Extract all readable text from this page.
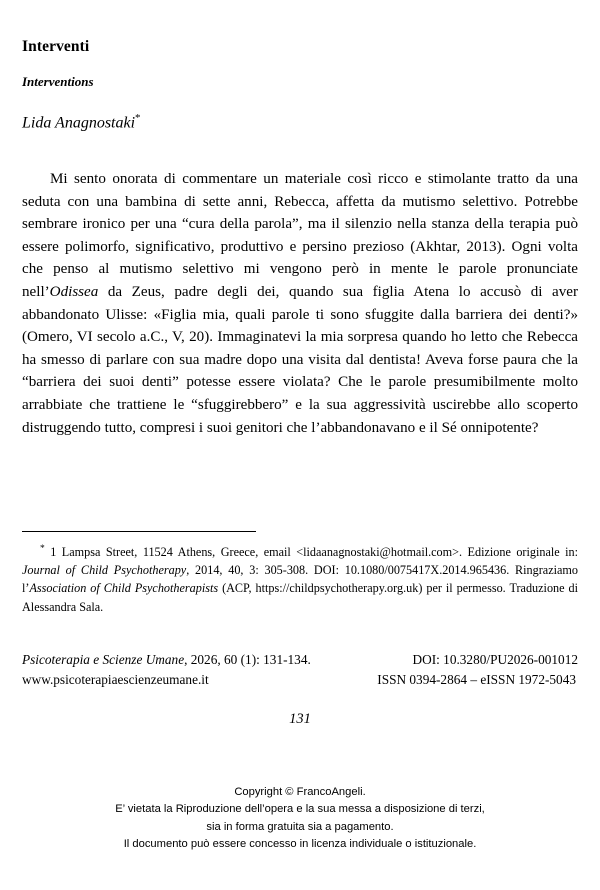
Interventi
Interventions
Lida Anagnostaki*
Mi sento onorata di commentare un materiale così ricco e stimolante tratto da una seduta con una bambina di sette anni, Rebecca, affetta da mutismo selettivo. Potrebbe sembrare ironico per una “cura della parola”, ma il silenzio nella stanza della terapia può essere polimorfo, significativo, produttivo e persino prezioso (Akhtar, 2013). Ogni volta che penso al mutismo selettivo mi vengono però in mente le parole pronunciate nell’Odissea da Zeus, padre degli dei, quando sua figlia Atena lo accusò di aver abbandonato Ulisse: «Figlia mia, quali parole ti sono sfuggite dalla barriera dei denti?» (Omero, VI secolo a.C., V, 20). Immaginatevi la mia sorpresa quando ho letto che Rebecca ha smesso di parlare con sua madre dopo una visita dal dentista! Aveva forse paura che la “barriera dei suoi denti” potesse essere violata? Che le parole presumibilmente molto arrabbiate che trattiene le “sfuggirebbero” e la sua aggressività uscirebbe allo scoperto distruggendo tutto, compresi i suoi genitori che l’abbandonavano e il Sé onnipotente?
* 1 Lampsa Street, 11524 Athens, Greece, email <lidaanagnostaki@hotmail.com>. Edizione originale in: Journal of Child Psychotherapy, 2014, 40, 3: 305-308. DOI: 10.1080/0075417X.2014.965436. Ringraziamo l’Association of Child Psychotherapists (ACP, https://childpsychotherapy.org.uk) per il permesso. Traduzione di Alessandra Sala.
Psicoterapia e Scienze Umane, 2026, 60 (1): 131-134.	DOI: 10.3280/PU2026-001012
www.psicoterapiaescienzeumane.it	ISSN 0394-2864 – eISSN 1972-5043
131
Copyright © FrancoAngeli.
E’ vietata la Riproduzione dell’opera e la sua messa a disposizione di terzi,
sia in forma gratuita sia a pagamento.
Il documento può essere concesso in licenza individuale o istituzionale.
